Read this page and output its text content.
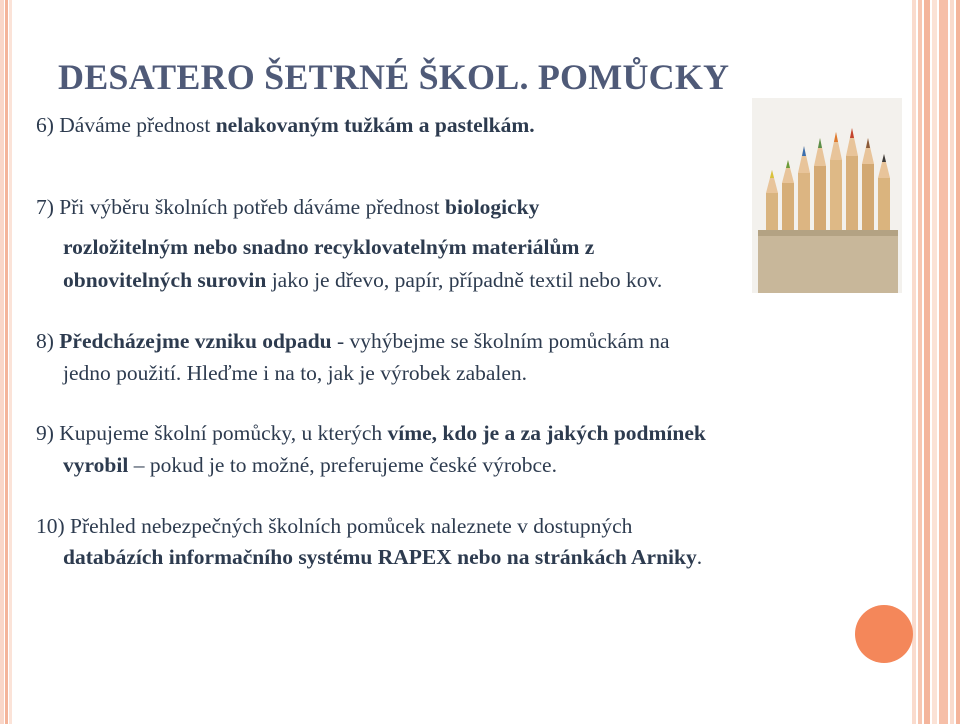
DESATERO ŠETRNÉ ŠKOL. POMŮCKY
6) Dáváme přednost nelakovaným tužkám a pastelkám.
7) Při výběru školních potřeb dáváme přednost biologicky
rozložitelným nebo snadno recyklovatelným materiálům z
obnovitelných surovin jako je dřevo, papír, případně textil nebo kov.
8) Předcházejme vzniku odpadu - vyhýbejme se školním pomůckám na
jedno použití. Hleďme i na to, jak je výrobek zabalen.
9) Kupujeme školní pomůcky, u kterých víme, kdo je a za jakých podmínek
vyrobil – pokud je to možné, preferujeme české výrobce.
10) Přehled nebezpečných školních pomůcek naleznete v dostupných
databázích informačního systému RAPEX nebo na stránkách Arniky.
